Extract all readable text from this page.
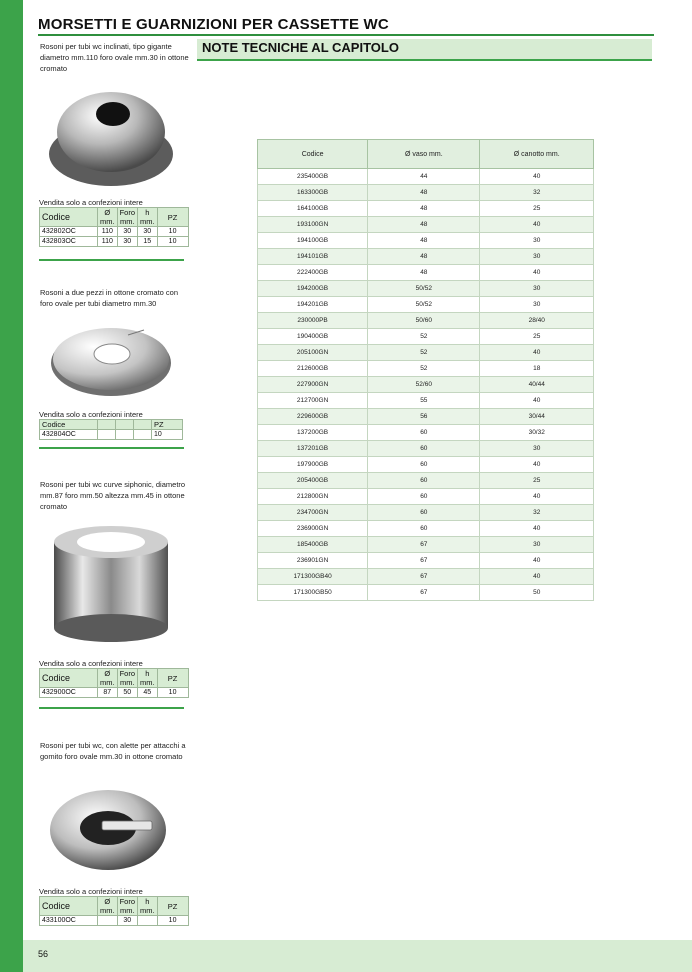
MORSETTI E GUARNIZIONI PER CASSETTE WC
NOTE TECNICHE AL CAPITOLO
Rosoni per tubi wc inclinati, tipo gigante diametro mm.110 foro ovale mm.30 in ottone cromato
Vendita solo a confezioni intere
Codice	Ø mm.	Foro mm.	h mm.	PZ
432802OC	110	30	30	10
432803OC	110	30	15	10
Rosoni a due pezzi in ottone cromato con foro ovale per tubi diametro mm.30
Vendita solo a confezioni intere
Codice				PZ
432804OC				10
Rosoni per tubi wc curve siphonic, diametro mm.87 foro mm.50 altezza mm.45 in ottone cromato
Vendita solo a confezioni intere
Codice	Ø mm.	Foro mm.	h mm.	PZ
432900OC	87	50	45	10
Rosoni per tubi wc, con alette per attacchi a gomito foro ovale mm.30 in ottone cromato
Vendita solo a confezioni intere
Codice	Ø mm.	Foro mm.	h mm.	PZ
433100OC		30		10
Codice	Ø vaso mm.	Ø canotto mm.
235400GB	44	40
163300GB	48	32
164100GB	48	25
193100GN	48	40
194100GB	48	30
194101GB	48	30
222400GB	48	40
194200GB	50/52	30
194201GB	50/52	30
230000PB	50/60	28/40
190400GB	52	25
205100GN	52	40
212600GB	52	18
227900GN	52/60	40/44
212700GN	55	40
229600GB	56	30/44
137200GB	60	30/32
137201GB	60	30
197900GB	60	40
205400GB	60	25
212800GN	60	40
234700GN	60	32
236900GN	60	40
185400GB	67	30
236901GN	67	40
171300GB40	67	40
171300GB50	67	50
56
